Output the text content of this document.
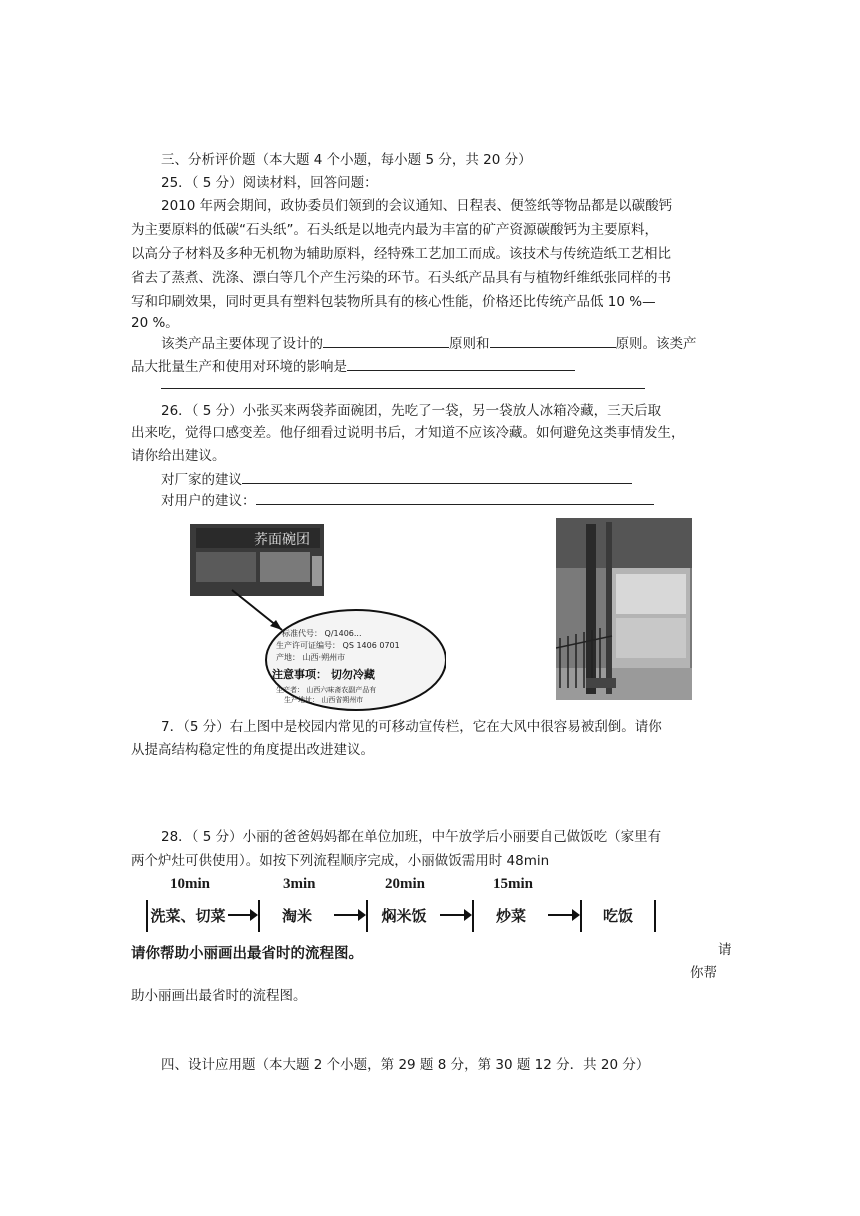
三、分析评价题（本大题 4 个小题，每小题 5 分，共 20 分）
25．（ 5 分）阅读材料，回答问题：
2010 年两会期间，政协委员们领到的会议通知、日程表、便签纸等物品都是以碳酸钙
为主要原料的低碳“石头纸”。石头纸是以地壳内最为丰富的矿产资源碳酸钙为主要原料，
以高分子材料及多种无机物为辅助原料，经特殊工艺加工而成。该技术与传统造纸工艺相比
省去了蒸煮、洗涤、漂白等几个产生污染的环节。石头纸产品具有与植物纤维纸张同样的书
写和印刷效果，同时更具有塑料包装物所具有的核心性能，价格还比传统产品低 10 %—
20 %。
该类产品主要体现了设计的	原则和	原则。该类产
品大批量生产和使用对环境的影响是
26．（ 5 分）小张买来两袋荞面碗团，先吃了一袋，另一袋放人冰箱冷藏，三天后取
出来吃，觉得口感变差。他仔细看过说明书后，才知道不应该冷藏。如何避免这类事情发生，
请你给出建议。
对厂家的建议
对用户的建议：
荞面碗团
标准代号： Q/1406...
生产许可证编号： QS 1406 0701
产地： 山西·朔州市
注意事项： 切勿冷藏
生产者： 山西六味斋农副产品有
生产地址： 山西省朔州市
7．（5 分）右上图中是校园内常见的可移动宣传栏，它在大风中很容易被刮倒。请你
从提高结构稳定性的角度提出改进建议。
28．（ 5 分）小丽的爸爸妈妈都在单位加班，中午放学后小丽要自己做饭吃（家里有
两个炉灶可供使用）。如按下列流程顺序完成，小丽做饭需用时 48min
10min	3min	20min	15min
洗菜、切菜	淘米	焖米饭	炒菜	吃饭
请你帮助小丽画出最省时的流程图。	请
你帮
助小丽画出最省时的流程图。
四、设计应用题（本大题 2 个小题，第 29 题 8 分，第 30 题 12 分．共 20 分）
